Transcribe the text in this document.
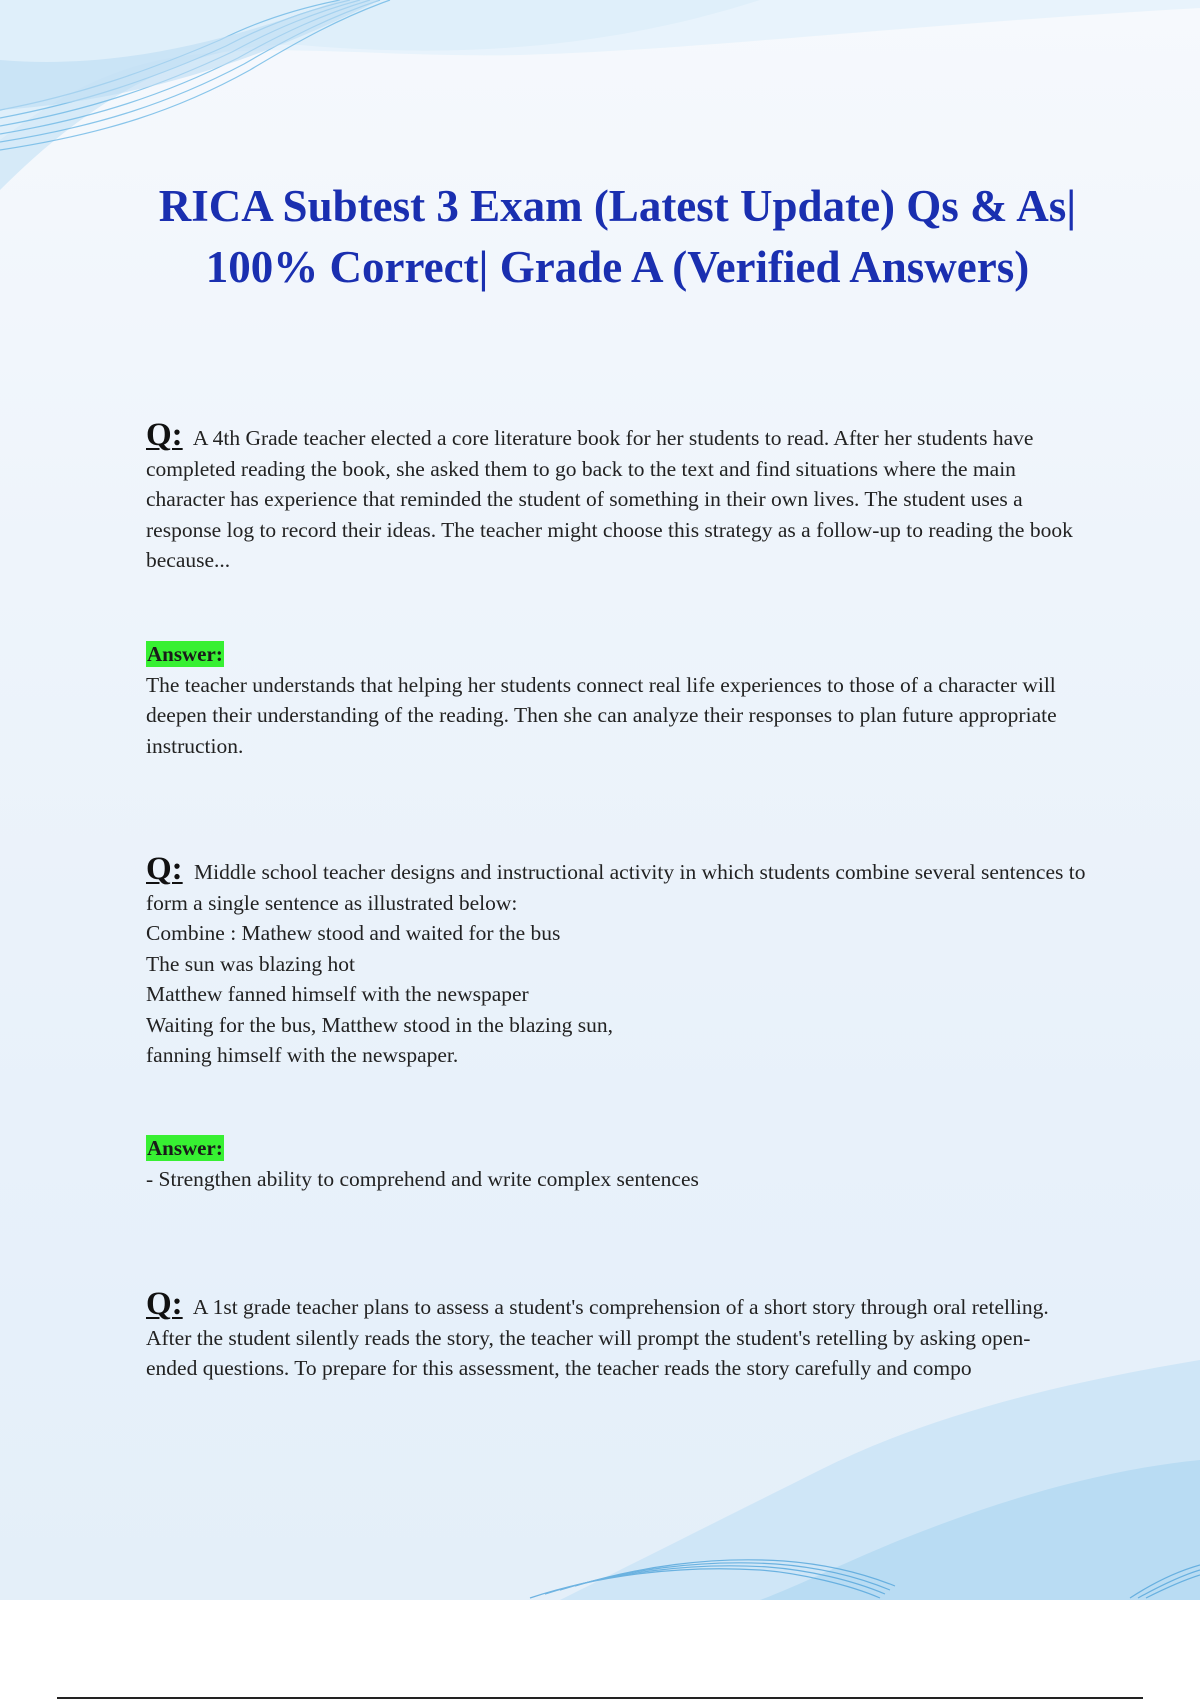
RICA Subtest 3 Exam (Latest Update) Qs & As| 100% Correct| Grade A (Verified Answers)

Q: A 4th Grade teacher elected a core literature book for her students to read. After her students have completed reading the book, she asked them to go back to the text and find situations where the main character has experience that reminded the student of something in their own lives. The student uses a response log to record their ideas. The teacher might choose this strategy as a follow-up to reading the book because...

Answer:

The teacher understands that helping her students connect real life experiences to those of a character will deepen their understanding of the reading. Then she can analyze their responses to plan future appropriate instruction.

Q: Middle school teacher designs and instructional activity in which students combine several sentences to form a single sentence as illustrated below:

Combine : Mathew stood and waited for the bus

The sun was blazing hot

Matthew fanned himself with the newspaper

Waiting for the bus, Matthew stood in the blazing sun,

fanning himself with the newspaper.

Answer:

- Strengthen ability to comprehend and write complex sentences

Q: A 1st grade teacher plans to assess a student's comprehension of a short story through oral retelling. After the student silently reads the story, the teacher will prompt the student's retelling by asking open-

ended questions. To prepare for this assessment, the teacher reads the story carefully and compo
